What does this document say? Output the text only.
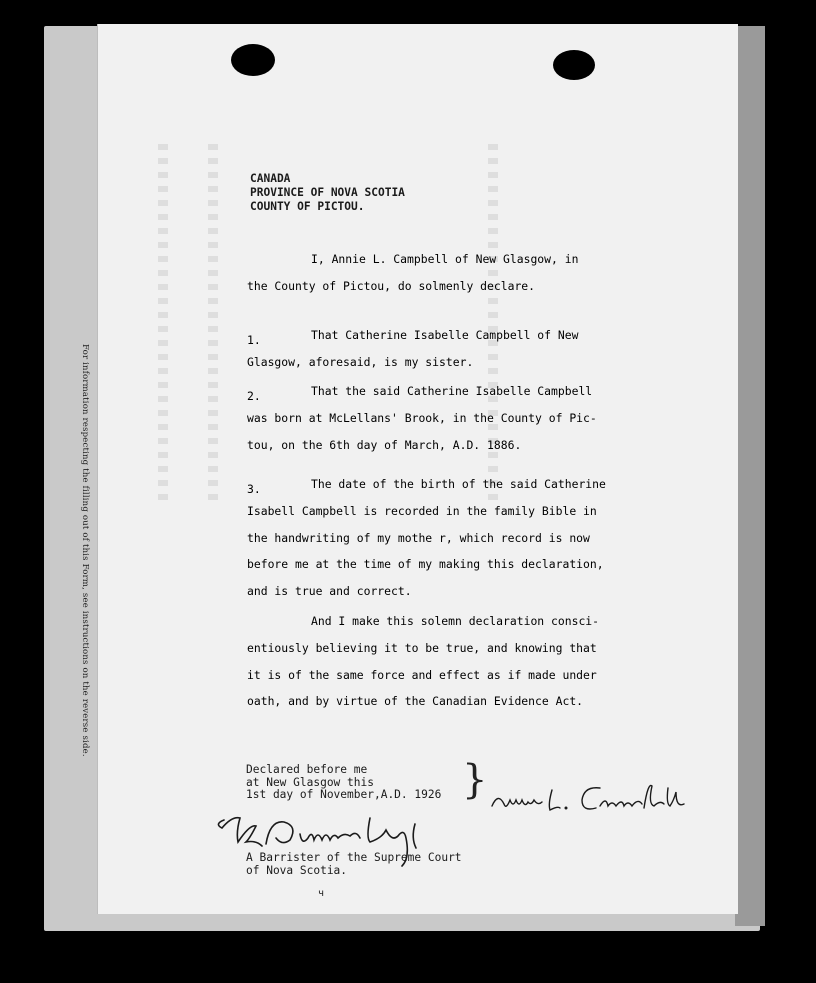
For information respecting the filling out of this Form, see instructions on the reverse side.
CANADA
PROVINCE OF NOVA SCOTIA
COUNTY OF PICTOU.
I, Annie L. Campbell of New Glasgow, in
the County of Pictou, do solmenly declare.
1.	That Catherine Isabelle Campbell of New
Glasgow, aforesaid, is my sister.
2.	That the said Catherine Isabelle Campbell
was born at McLellans' Brook, in the County of Pic-
tou, on the 6th day of March, A.D. 1886.
3.	The date of the birth of the said Catherine
Isabell Campbell is recorded in the family Bible in
the handwriting of my mothe r, which record is now
before me at the time of my making this declaration,
and is true and correct.
And I make this solemn declaration consci-
entiously believing it to be true, and knowing that
it is of the same force and effect as if made under
oath, and by virtue of the Canadian Evidence Act.
Declared before me
at New Glasgow this
1st day of November,A.D. 1926 }
A Barrister of the Supreme Court
of Nova Scotia.
ч
